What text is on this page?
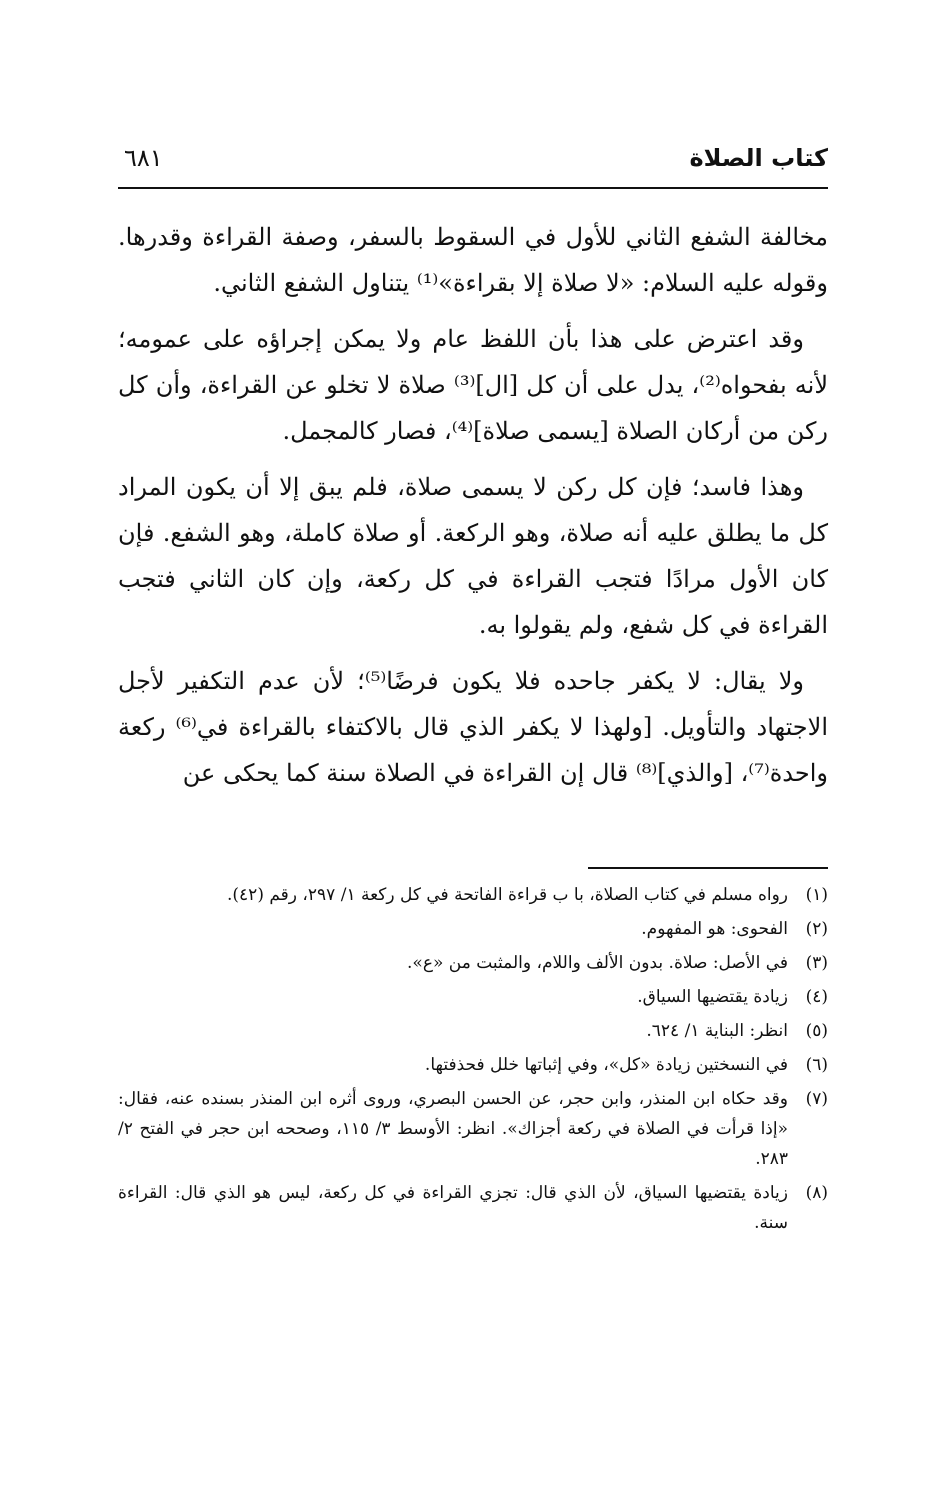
كتاب الصلاة
٦٨١

مخالفة الشفع الثاني للأول في السقوط بالسفر، وصفة القراءة وقدرها. وقوله عليه السلام: «لا صلاة إلا بقراءة»⁽¹⁾ يتناول الشفع الثاني.

وقد اعترض على هذا بأن اللفظ عام ولا يمكن إجراؤه على عمومه؛ لأنه بفحواه⁽²⁾، يدل على أن كل [ال]⁽³⁾ صلاة لا تخلو عن القراءة، وأن كل ركن من أركان الصلاة [يسمى صلاة]⁽⁴⁾، فصار كالمجمل.

وهذا فاسد؛ فإن كل ركن لا يسمى صلاة، فلم يبق إلا أن يكون المراد كل ما يطلق عليه أنه صلاة، وهو الركعة. أو صلاة كاملة، وهو الشفع. فإن كان الأول مرادًا فتجب القراءة في كل ركعة، وإن كان الثاني فتجب القراءة في كل شفع، ولم يقولوا به.

ولا يقال: لا يكفر جاحده فلا يكون فرضًا⁽⁵⁾؛ لأن عدم التكفير لأجل الاجتهاد والتأويل. [ولهذا لا يكفر الذي قال بالاكتفاء بالقراءة في⁽⁶⁾ ركعة واحدة⁽⁷⁾، [والذي]⁽⁸⁾ قال إن القراءة في الصلاة سنة كما يحكى عن

(١)
رواه مسلم في كتاب الصلاة، با ب قراءة الفاتحة في كل ركعة ١/ ٢٩٧، رقم (٤٢).
(٢)
الفحوى: هو المفهوم.
(٣)
في الأصل: صلاة. بدون الألف واللام، والمثبت من «ع».
(٤)
زيادة يقتضيها السياق.
(٥)
انظر: البناية ١/ ٦٢٤.
(٦)
في النسختين زيادة «كل»، وفي إثباتها خلل فحذفتها.
(٧)
وقد حكاه ابن المنذر، وابن حجر، عن الحسن البصري، وروى أثره ابن المنذر بسنده عنه، فقال: «إذا قرأت في الصلاة في ركعة أجزاك». انظر: الأوسط ٣/ ١١٥، وصححه ابن حجر في الفتح ٢/ ٢٨٣.
(٨)
زيادة يقتضيها السياق، لأن الذي قال: تجزي القراءة في كل ركعة، ليس هو الذي قال: القراءة سنة.
